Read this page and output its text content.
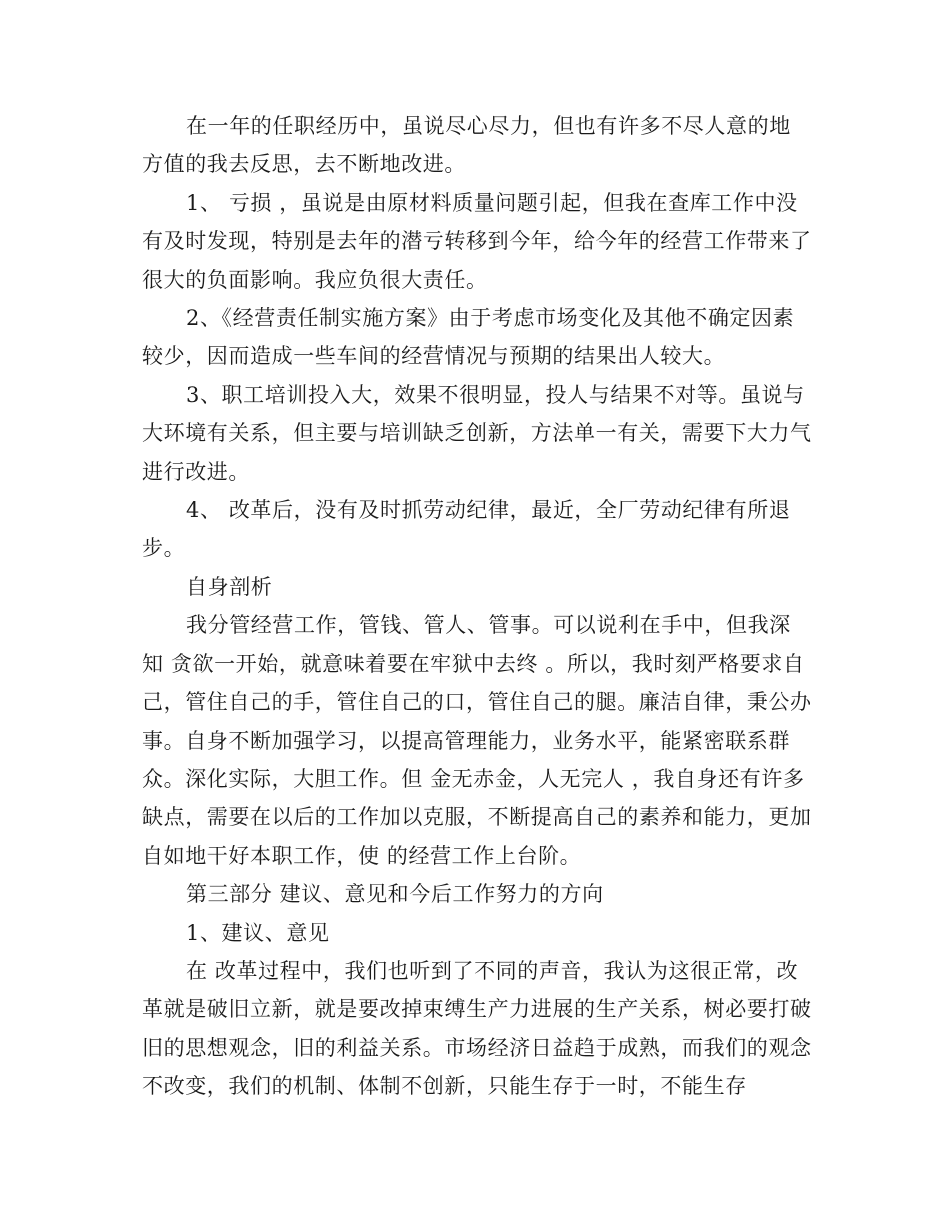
在一年的任职经历中，虽说尽心尽力，但也有许多不尽人意的地方值的我去反思，去不断地改进。

1、 亏损 ，虽说是由原材料质量问题引起，但我在查库工作中没有及时发现，特别是去年的潜亏转移到今年，给今年的经营工作带来了很大的负面影响。我应负很大责任。

2、《经营责任制实施方案》由于考虑市场变化及其他不确定因素较少，因而造成一些车间的经营情况与预期的结果出人较大。

3、职工培训投入大，效果不很明显，投人与结果不对等。虽说与大环境有关系，但主要与培训缺乏创新，方法单一有关，需要下大力气进行改进。

4、 改革后，没有及时抓劳动纪律，最近，全厂劳动纪律有所退步。

自身剖析

我分管经营工作，管钱、管人、管事。可以说利在手中，但我深知 贪欲一开始，就意味着要在牢狱中去终 。所以，我时刻严格要求自己，管住自己的手，管住自己的口，管住自己的腿。廉洁自律，秉公办事。自身不断加强学习，以提高管理能力，业务水平，能紧密联系群众。深化实际，大胆工作。但 金无赤金，人无完人 ，我自身还有许多缺点，需要在以后的工作加以克服，不断提高自己的素养和能力，更加自如地干好本职工作，使 的经营工作上台阶。

第三部分 建议、意见和今后工作努力的方向

1、建议、意见

在 改革过程中，我们也听到了不同的声音，我认为这很正常，改革就是破旧立新，就是要改掉束缚生产力进展的生产关系，树必要打破旧的思想观念，旧的利益关系。市场经济日益趋于成熟，而我们的观念不改变，我们的机制、体制不创新，只能生存于一时，不能生存
